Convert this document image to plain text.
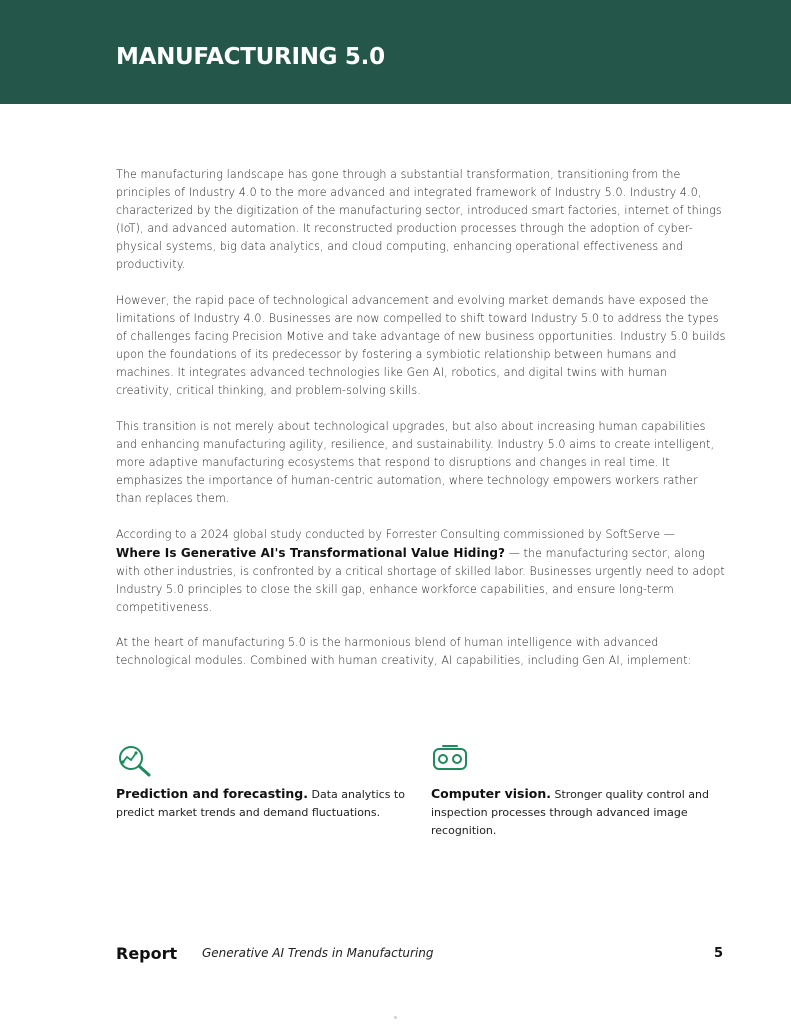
MANUFACTURING 5.0

The manufacturing landscape has gone through a substantial transformation, transitioning from the principles of Industry 4.0 to the more advanced and integrated framework of Industry 5.0. Industry 4.0, characterized by the digitization of the manufacturing sector, introduced smart factories, internet of things (IoT), and advanced automation. It reconstructed production processes through the adoption of cyber-physical systems, big data analytics, and cloud computing, enhancing operational effectiveness and productivity.

However, the rapid pace of technological advancement and evolving market demands have exposed the limitations of Industry 4.0. Businesses are now compelled to shift toward Industry 5.0 to address the types of challenges facing Precision Motive and take advantage of new business opportunities. Industry 5.0 builds upon the foundations of its predecessor by fostering a symbiotic relationship between humans and machines. It integrates advanced technologies like Gen AI, robotics, and digital twins with human creativity, critical thinking, and problem-solving skills.

This transition is not merely about technological upgrades, but also about increasing human capabilities and enhancing manufacturing agility, resilience, and sustainability. Industry 5.0 aims to create intelligent, more adaptive manufacturing ecosystems that respond to disruptions and changes in real time. It emphasizes the importance of human-centric automation, where technology empowers workers rather than replaces them.

According to a 2024 global study conducted by Forrester Consulting commissioned by SoftServe —
Where Is Generative AI's Transformational Value Hiding? — the manufacturing sector, along with other industries, is confronted by a critical shortage of skilled labor. Businesses urgently need to adopt Industry 5.0 principles to close the skill gap, enhance workforce capabilities, and ensure long-term competitiveness.

At the heart of manufacturing 5.0 is the harmonious blend of human intelligence with advanced technological modules. Combined with human creativity, AI capabilities, including Gen AI, implement:

Prediction and forecasting. Data analytics to predict market trends and demand fluctuations.

Computer vision. Stronger quality control and inspection processes through advanced image recognition.

Report Generative AI Trends in Manufacturing	5
